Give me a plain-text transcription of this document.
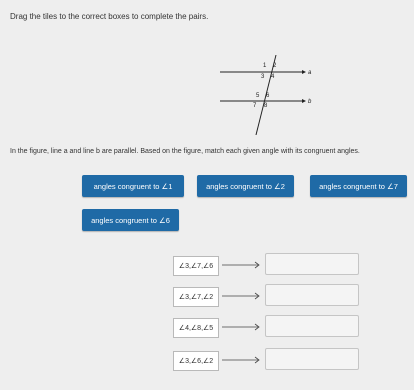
Drag the tiles to the correct boxes to complete the pairs.
a
b
1 2
3 4
5 6
7 8
In the figure, line a and line b are parallel. Based on the figure, match each given angle with its congruent angles.
angles congruent to ∠1	angles congruent to ∠2	angles congruent to ∠7
angles congruent to ∠6
∠3,∠7,∠6
∠3,∠7,∠2
∠4,∠8,∠5
∠3,∠6,∠2
